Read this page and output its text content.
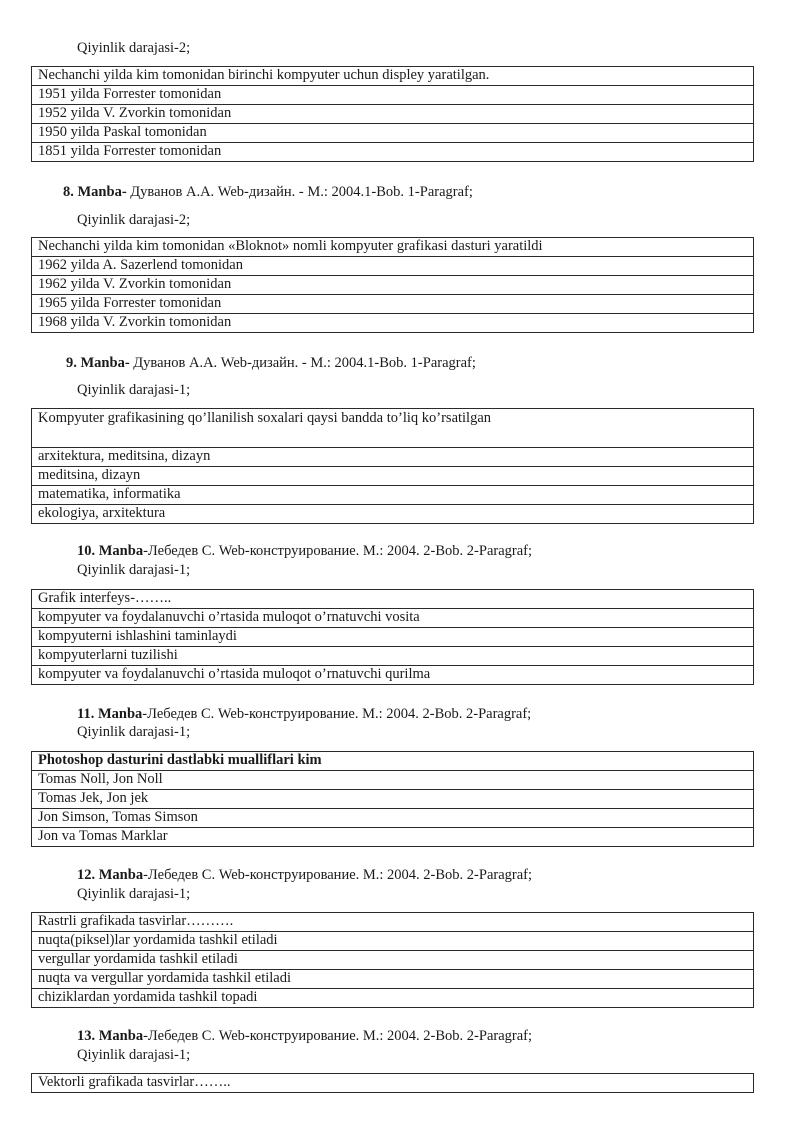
Qiyinlik darajasi-2;
Nechanchi yilda kim tomonidan birinchi kompyuter uchun displey yaratilgan.
1951 yilda Forrester tomonidan
1952 yilda V. Zvorkin tomonidan
1950 yilda Paskal tomonidan
1851 yilda Forrester tomonidan
8. Manba- Дуванов А.А. Web-дизайн. - М.: 2004.1-Bob. 1-Paragraf;
Qiyinlik darajasi-2;
Nechanchi yilda kim tomonidan «Bloknot» nomli kompyuter grafikasi dasturi yaratildi
1962 yilda A. Sazerlend tomonidan
1962 yilda V. Zvorkin tomonidan
1965 yilda Forrester tomonidan
1968 yilda V. Zvorkin tomonidan
9. Manba- Дуванов А.А. Web-дизайн. - М.: 2004.1-Bob. 1-Paragraf;
Qiyinlik darajasi-1;
Kompyuter grafikasining qo’llanilish soxalari qaysi bandda to’liq ko’rsatilgan
arxitektura, meditsina, dizayn
meditsina, dizayn
matematika, informatika
ekologiya, arxitektura
10. Manba-Лебедев С. Web-конструирование. М.: 2004. 2-Bob. 2-Paragraf;
Qiyinlik darajasi-1;
Grafik interfeys-……..
kompyuter va foydalanuvchi o’rtasida muloqot o’rnatuvchi vosita
kompyuterni ishlashini taminlaydi
kompyuterlarni tuzilishi
kompyuter va foydalanuvchi o’rtasida muloqot o’rnatuvchi qurilma
11. Manba-Лебедев С. Web-конструирование. М.: 2004. 2-Bob. 2-Paragraf;
Qiyinlik darajasi-1;
Photoshop dasturini dastlabki mualliflari kim
Tomas Noll, Jon Noll
Tomas Jek, Jon jek
Jon Simson, Tomas Simson
Jon va Tomas Marklar
12. Manba-Лебедев С. Web-конструирование. М.: 2004. 2-Bob. 2-Paragraf;
Qiyinlik darajasi-1;
Rastrli grafikada tasvirlar……….
nuqta(piksel)lar yordamida tashkil etiladi
vergullar yordamida tashkil etiladi
nuqta va vergullar yordamida tashkil etiladi
chiziklardan yordamida tashkil topadi
13. Manba-Лебедев С. Web-конструирование. М.: 2004. 2-Bob. 2-Paragraf;
Qiyinlik darajasi-1;
Vektorli grafikada tasvirlar……..
